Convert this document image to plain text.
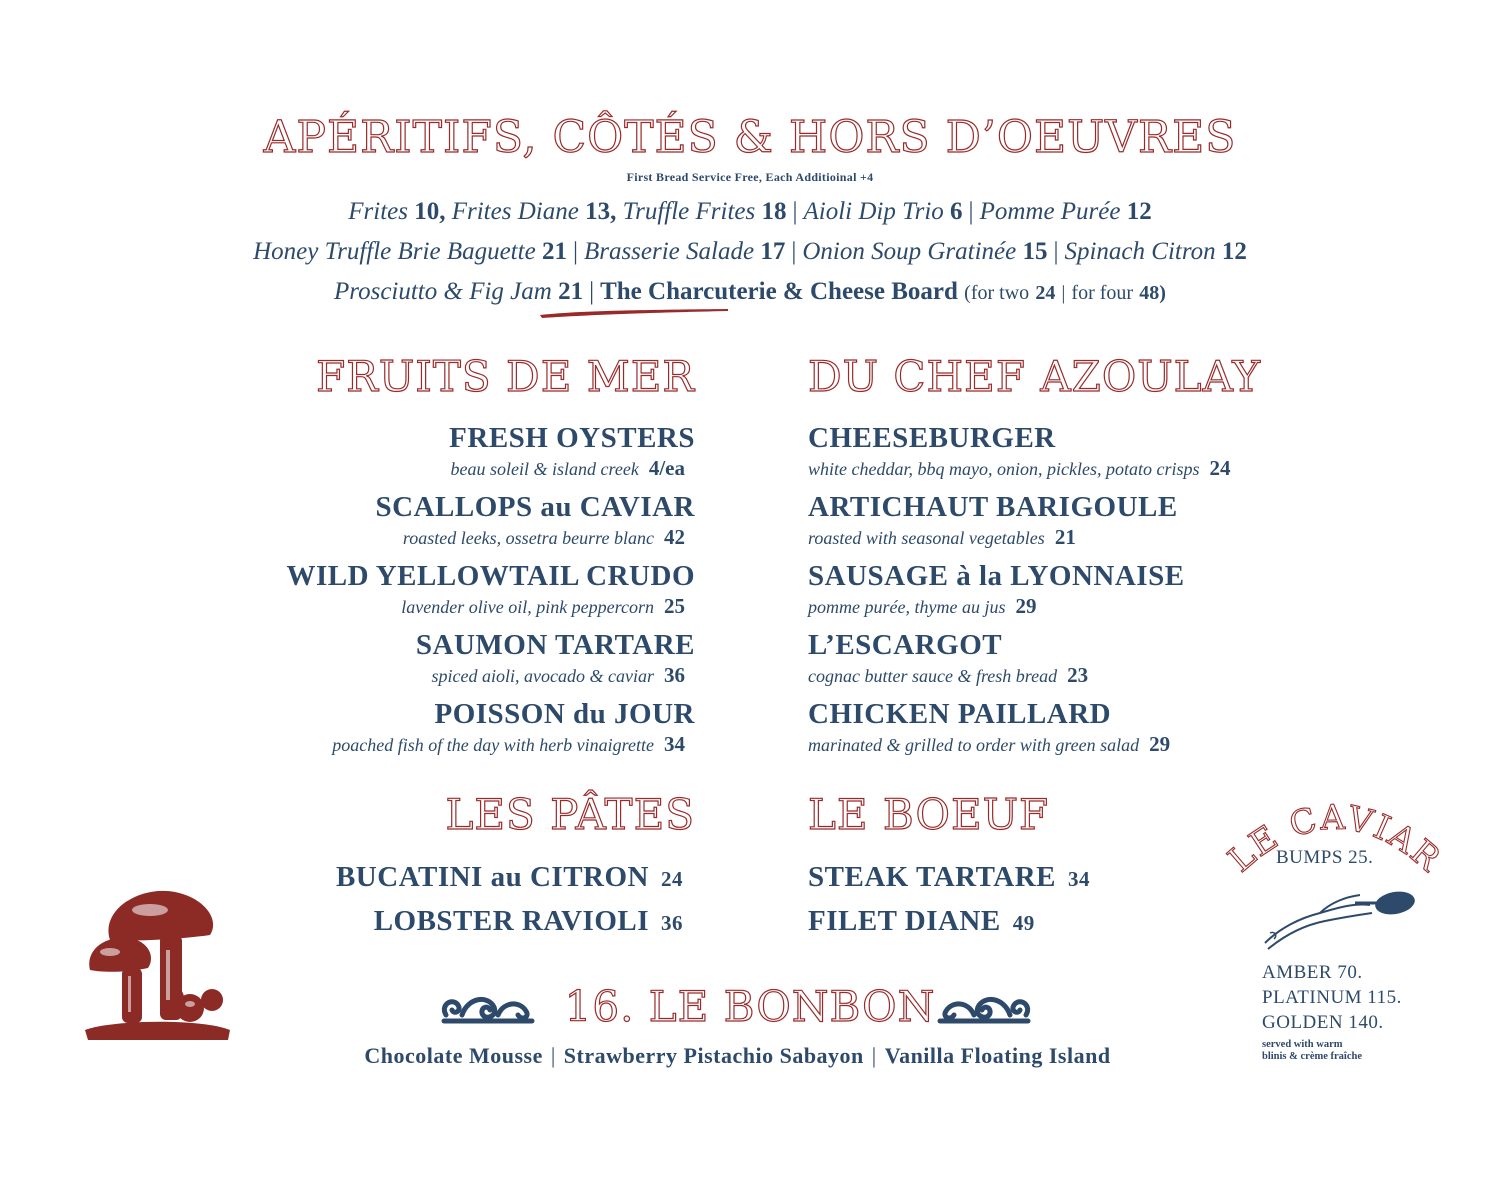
APÉRITIFS, CÔTÉS & HORS D’OEUVRES
First Bread Service Free, Each Additioinal +4
Frites 10, Frites Diane 13, Truffle Frites 18 | Aioli Dip Trio 6 | Pomme Purée 12
Honey Truffle Brie Baguette 21 | Brasserie Salade 17 | Onion Soup Gratinée 15 | Spinach Citron 12
Prosciutto & Fig Jam 21 | The Charcuterie & Cheese Board (for two 24 | for four 48)
FRUITS DE MER	DU CHEF AZOULAY
FRESH OYSTERS
beau soleil & island creek 4/ea
SCALLOPS au CAVIAR
roasted leeks, ossetra beurre blanc 42
WILD YELLOWTAIL CRUDO
lavender olive oil, pink peppercorn 25
SAUMON TARTARE
spiced aioli, avocado & caviar 36
POISSON du JOUR
poached fish of the day with herb vinaigrette 34
CHEESEBURGER
white cheddar, bbq mayo, onion, pickles, potato crisps 24
ARTICHAUT BARIGOULE
roasted with seasonal vegetables 21
SAUSAGE à la LYONNAISE
pomme purée, thyme au jus 29
L’ESCARGOT
cognac butter sauce & fresh bread 23
CHICKEN PAILLARD
marinated & grilled to order with green salad 29
LES PÂTES	LE BOEUF
BUCATINI au CITRON 24
LOBSTER RAVIOLI 36
STEAK TARTARE 34
FILET DIANE 49
16. LE BONBON
Chocolate Mousse | Strawberry Pistachio Sabayon | Vanilla Floating Island
LE CAVIAR
BUMPS 25.
AMBER 70.
PLATINUM 115.
GOLDEN 140.
served with warm
blinis & crème fraîche
